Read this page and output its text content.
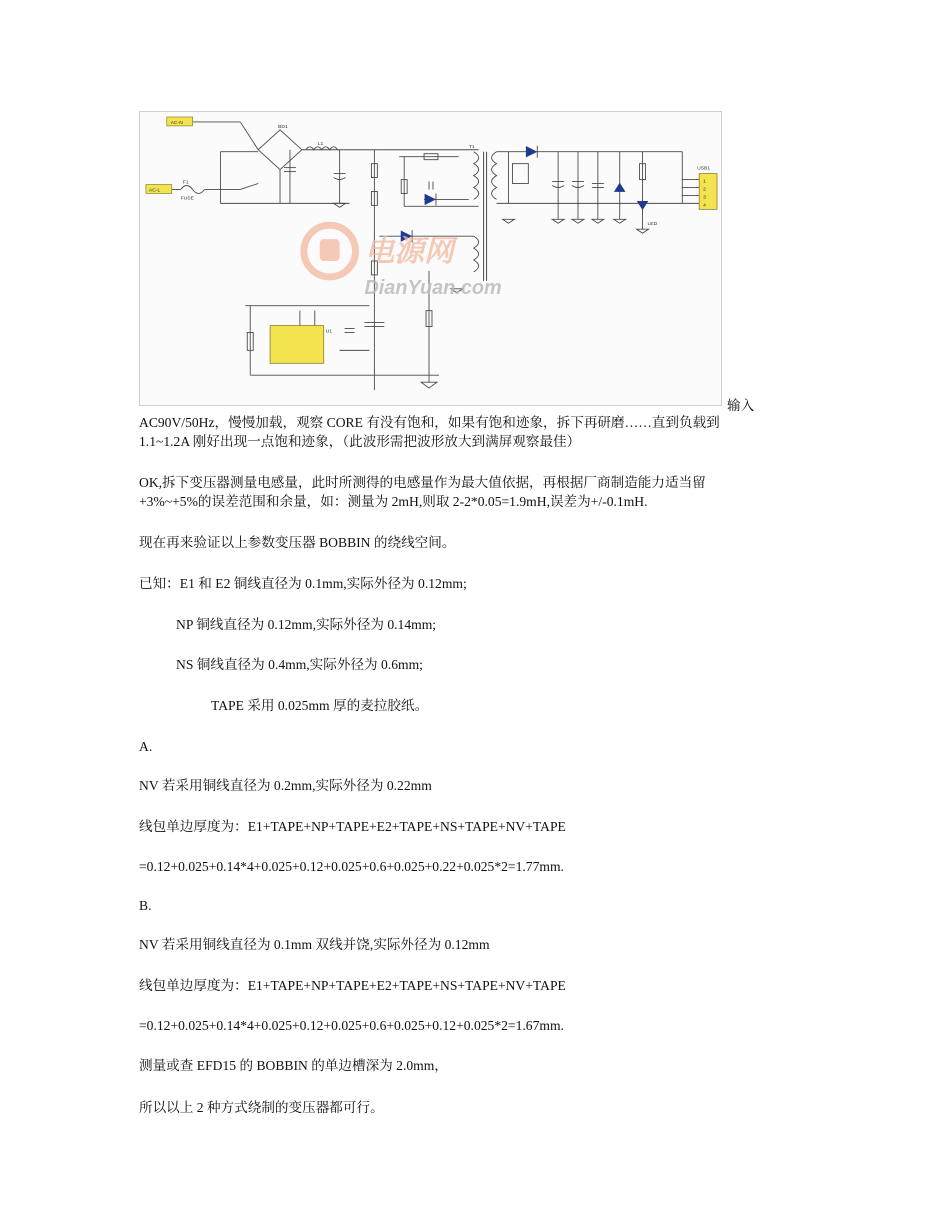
AC-N
AC-L
F1
FUSE
BD1
L1
T1
USB1
1
2
3
4
LED
U1
电源网
DianYuan.com
输入
AC90V/50Hz，慢慢加载，观察 CORE 有没有饱和，如果有饱和迹象，拆下再研磨……直到负载到
1.1~1.2A 刚好出现一点饱和迹象，（此波形需把波形放大到满屏观察最佳）
OK,拆下变压器测量电感量，此时所测得的电感量作为最大值依据，再根据厂商制造能力适当留
+3%~+5%的误差范围和余量，如：测量为 2mH,则取 2-2*0.05=1.9mH,误差为+/-0.1mH.
现在再来验证以上参数变压器 BOBBIN 的绕线空间。
已知：E1 和 E2 铜线直径为 0.1mm,实际外径为 0.12mm;
NP 铜线直径为 0.12mm,实际外径为 0.14mm;
NS 铜线直径为 0.4mm,实际外径为 0.6mm;
TAPE 采用 0.025mm 厚的麦拉胶纸。
A.
NV 若采用铜线直径为 0.2mm,实际外径为 0.22mm
线包单边厚度为：E1+TAPE+NP+TAPE+E2+TAPE+NS+TAPE+NV+TAPE
=0.12+0.025+0.14*4+0.025+0.12+0.025+0.6+0.025+0.22+0.025*2=1.77mm.
B.
NV 若采用铜线直径为 0.1mm 双线并饶,实际外径为 0.12mm
线包单边厚度为：E1+TAPE+NP+TAPE+E2+TAPE+NS+TAPE+NV+TAPE
=0.12+0.025+0.14*4+0.025+0.12+0.025+0.6+0.025+0.12+0.025*2=1.67mm.
测量或查 EFD15 的 BOBBIN 的单边槽深为 2.0mm，
所以以上 2 种方式绕制的变压器都可行。
